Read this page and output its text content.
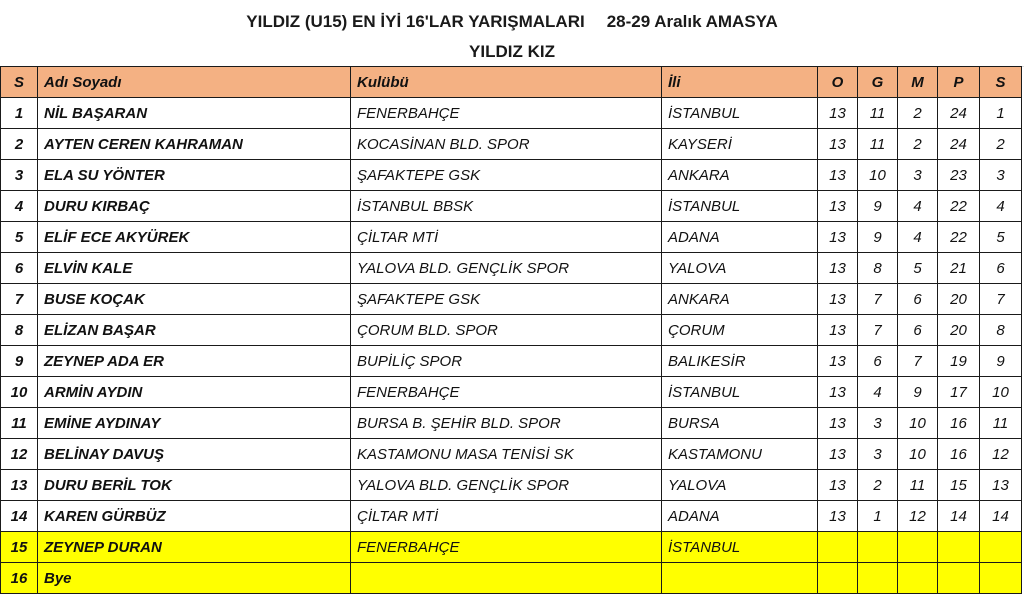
YILDIZ (U15) EN İYİ 16'LAR YARIŞMALARI 28-29 Aralık AMASYA
YILDIZ KIZ
S	Adı Soyadı	Kulübü	İli	O	G	M	P	S
1	NİL BAŞARAN	FENERBAHÇE	İSTANBUL	13	11	2	24	1
2	AYTEN CEREN KAHRAMAN	KOCASİNAN BLD. SPOR	KAYSERİ	13	11	2	24	2
3	ELA SU YÖNTER	ŞAFAKTEPE GSK	ANKARA	13	10	3	23	3
4	DURU KIRBAÇ	İSTANBUL BBSK	İSTANBUL	13	9	4	22	4
5	ELİF ECE AKYÜREK	ÇİLTAR MTİ	ADANA	13	9	4	22	5
6	ELVİN KALE	YALOVA BLD. GENÇLİK SPOR	YALOVA	13	8	5	21	6
7	BUSE KOÇAK	ŞAFAKTEPE GSK	ANKARA	13	7	6	20	7
8	ELİZAN BAŞAR	ÇORUM BLD. SPOR	ÇORUM	13	7	6	20	8
9	ZEYNEP ADA ER	BUPİLİÇ SPOR	BALIKESİR	13	6	7	19	9
10	ARMİN AYDIN	FENERBAHÇE	İSTANBUL	13	4	9	17	10
11	EMİNE AYDINAY	BURSA B. ŞEHİR BLD. SPOR	BURSA	13	3	10	16	11
12	BELİNAY DAVUŞ	KASTAMONU MASA TENİSİ SK	KASTAMONU	13	3	10	16	12
13	DURU BERİL TOK	YALOVA BLD. GENÇLİK SPOR	YALOVA	13	2	11	15	13
14	KAREN GÜRBÜZ	ÇİLTAR MTİ	ADANA	13	1	12	14	14
15	ZEYNEP DURAN	FENERBAHÇE	İSTANBUL					
16	Bye							
